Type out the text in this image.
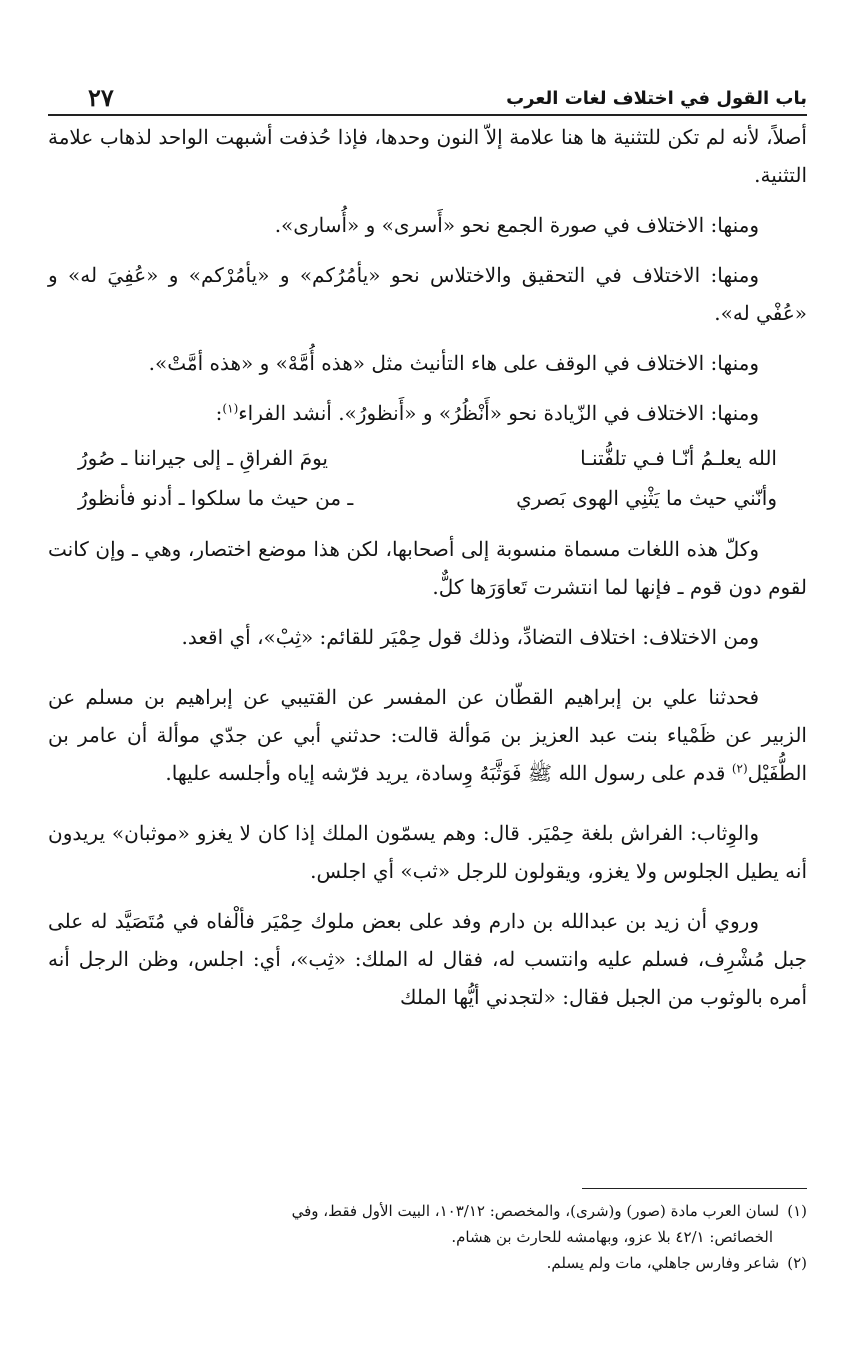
باب القول في اختلاف لغات العرب
٢٧

أصلاً، لأنه لم تكن للتثنية ها هنا علامة إلاّ النون وحدها، فإذا حُذفت أشبهت الواحد لذهاب علامة التثنية.

ومنها: الاختلاف في صورة الجمع نحو «أَسرى» و «أُسارى».

ومنها: الاختلاف في التحقيق والاختلاس نحو «يأمُرُكم» و «يأمُرْكم» و «عُفِيَ له» و «عُفْي له».

ومنها: الاختلاف في الوقف على هاء التأنيث مثل «هذه أُمَّهْ» و «هذه أمَّتْ».

ومنها: الاختلاف في الزّيادة نحو «أَنْظُرُ» و «أَنظورُ». أنشد الفراء$^{(١)}$:

الله يعلـمُ أنّـا فـي تلفُّتنـا
يومَ الفراقِ ـ إلى جيراننا ـ صُورُ
وأنّني حيث ما يَثْنِي الهوى بَصري
ـ من حيث ما سلكوا ـ أدنو فأنظورُ

وكلّ هذه اللغات مسماة منسوبة إلى أصحابها، لكن هذا موضع اختصار، وهي ـ وإن كانت لقوم دون قوم ـ فإنها لما انتشرت تَعاوَرَها كلٌّ.

ومن الاختلاف: اختلاف التضادِّ، وذلك قول حِمْيَر للقائم: «ثِبْ»، أي اقعد.

فحدثنا علي بن إبراهيم القطّان عن المفسر عن القتيبي عن إبراهيم بن مسلم عن الزبير عن ظَمْياء بنت عبد العزيز بن مَوألة قالت: حدثني أبي عن جدّي موألة أن عامر بن الطُّفَيْل$^{(٢)}$ قدم على رسول الله ﷺ فَوَثَّبَهُ وِسادة، يريد فرّشه إياه وأجلسه عليها.

والوِثاب: الفراش بلغة حِمْيَر. قال: وهم يسمّون الملك إذا كان لا يغزو «موثبان» يريدون أنه يطيل الجلوس ولا يغزو، ويقولون للرجل «ثب» أي اجلس.

وروي أن زيد بن عبدالله بن دارم وفد على بعض ملوك حِمْيَر فألْفاه في مُتَصَيَّد له على جبل مُشْرِف، فسلم عليه وانتسب له، فقال له الملك: «ثِب»، أي: اجلس، وظن الرجل أنه أمره بالوثوب من الجبل فقال: «لتجدني أيُّها الملك

(١)لسان العرب مادة (صور) و(شرى)، والمخصص: ١٠٣/١٢، البيت الأول فقط، وفي

الخصائص: ٤٢/١ بلا عزو، وبهامشه للحارث بن هشام.

(٢)شاعر وفارس جاهلي، مات ولم يسلم.
